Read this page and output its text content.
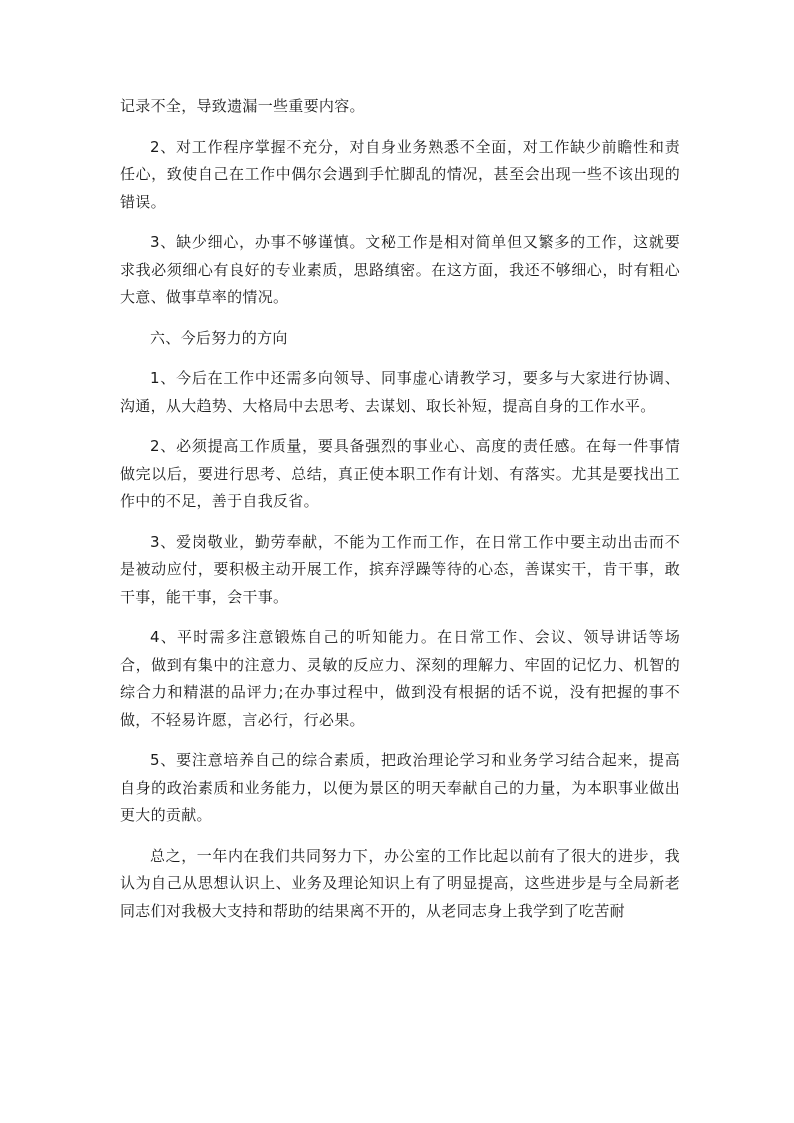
记录不全，导致遗漏一些重要内容。

2、对工作程序掌握不充分，对自身业务熟悉不全面，对工作缺少前瞻性和责任心，致使自己在工作中偶尔会遇到手忙脚乱的情况，甚至会出现一些不该出现的错误。

3、缺少细心，办事不够谨慎。文秘工作是相对简单但又繁多的工作，这就要求我必须细心有良好的专业素质，思路缜密。在这方面，我还不够细心，时有粗心大意、做事草率的情况。

六、今后努力的方向

1、今后在工作中还需多向领导、同事虚心请教学习，要多与大家进行协调、沟通，从大趋势、大格局中去思考、去谋划、取长补短，提高自身的工作水平。

2、必须提高工作质量，要具备强烈的事业心、高度的责任感。在每一件事情做完以后，要进行思考、总结，真正使本职工作有计划、有落实。尤其是要找出工作中的不足，善于自我反省。

3、爱岗敬业，勤劳奉献，不能为工作而工作，在日常工作中要主动出击而不是被动应付，要积极主动开展工作，摈弃浮躁等待的心态，善谋实干，肯干事，敢干事，能干事，会干事。

4、平时需多注意锻炼自己的听知能力。在日常工作、会议、领导讲话等场合，做到有集中的注意力、灵敏的反应力、深刻的理解力、牢固的记忆力、机智的综合力和精湛的品评力;在办事过程中，做到没有根据的话不说，没有把握的事不做，不轻易许愿，言必行，行必果。

5、要注意培养自己的综合素质，把政治理论学习和业务学习结合起来，提高自身的政治素质和业务能力，以便为景区的明天奉献自己的力量，为本职事业做出更大的贡献。

总之，一年内在我们共同努力下，办公室的工作比起以前有了很大的进步，我认为自己从思想认识上、业务及理论知识上有了明显提高，这些进步是与全局新老同志们对我极大支持和帮助的结果离不开的，从老同志身上我学到了吃苦耐
